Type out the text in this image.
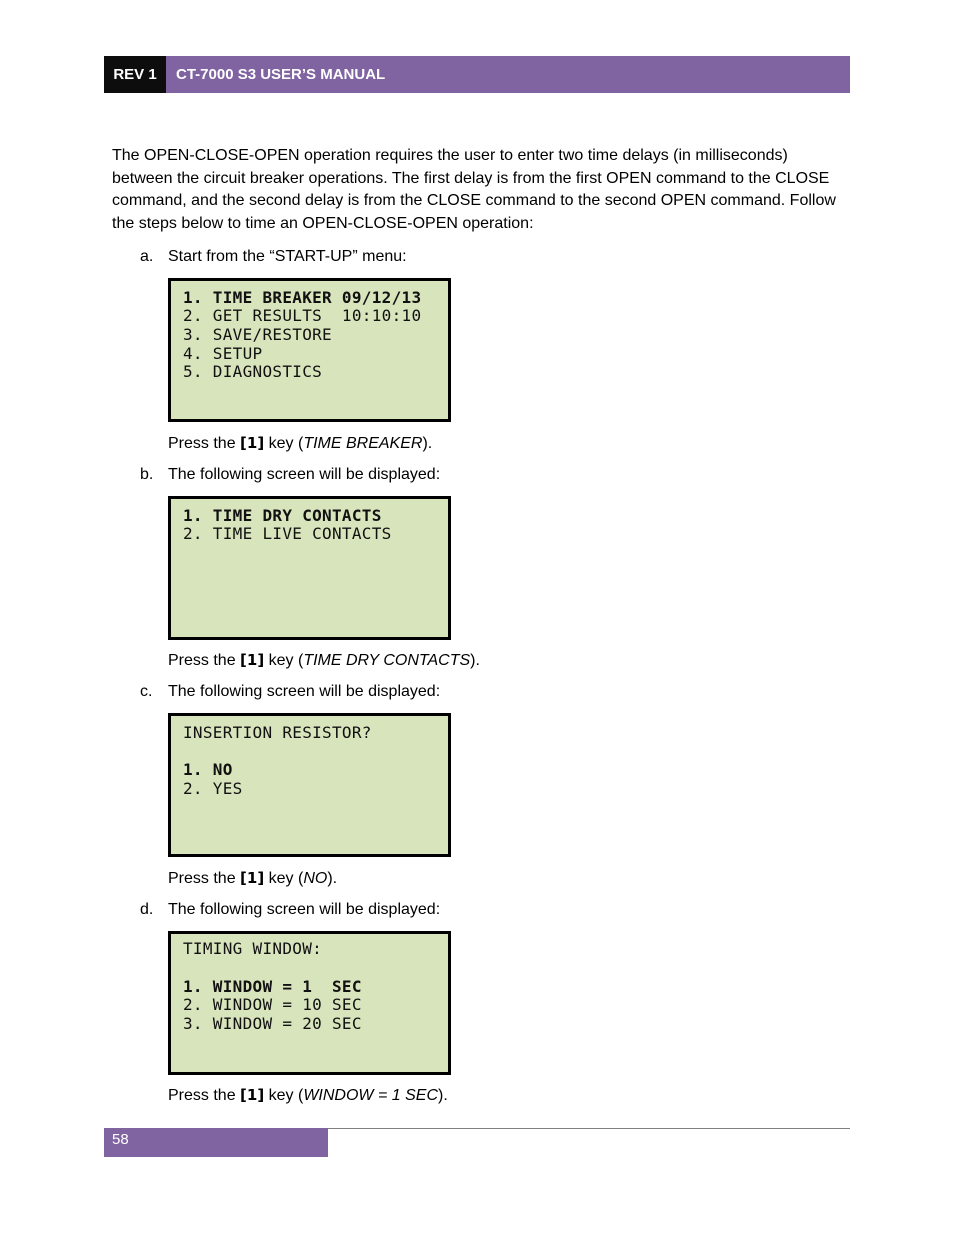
REV 1	CT-7000 S3 USER’S MANUAL
The OPEN-CLOSE-OPEN operation requires the user to enter two time delays (in milliseconds) between the circuit breaker operations. The first delay is from the first OPEN command to the CLOSE command, and the second delay is from the CLOSE command to the second OPEN command. Follow the steps below to time an OPEN-CLOSE-OPEN operation:
a. Start from the “START-UP” menu:
1. TIME BREAKER 09/12/13
2. GET RESULTS  10:10:10
3. SAVE/RESTORE
4. SETUP
5. DIAGNOSTICS
Press the [1] key (TIME BREAKER).
b. The following screen will be displayed:
1. TIME DRY CONTACTS
2. TIME LIVE CONTACTS
Press the [1] key (TIME DRY CONTACTS).
c. The following screen will be displayed:
INSERTION RESISTOR?
1. NO
2. YES
Press the [1] key (NO).
d. The following screen will be displayed:
TIMING WINDOW:
1. WINDOW = 1  SEC
2. WINDOW = 10 SEC
3. WINDOW = 20 SEC
Press the [1] key (WINDOW = 1 SEC).
58
